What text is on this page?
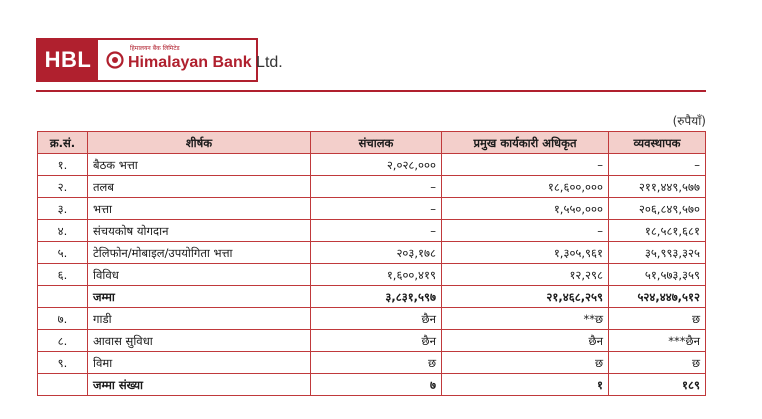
HBL	हिमालयन बैंक लिमिटेड
Himalayan Bank Ltd.
(रुपैयाँ)
क्र.सं.	शीर्षक	संचालक	प्रमुख कार्यकारी अधिकृत	व्यवस्थापक
१.	बैठक भत्ता	२,०२८,०००	–	–
२.	तलब	–	१८,६००,०००	२११,४४९,५७७
३.	भत्ता	–	१,५५०,०००	२०६,८४९,५७०
४.	संचयकोष योगदान	–	–	१८,५८१,६८१
५.	टेलिफोन/मोबाइल/उपयोगिता भत्ता	२०३,१७८	१,३०५,९६१	३५,९९३,३२५
६.	विविध	१,६००,४१९	१२,२९८	५१,५७३,३५९
	जम्मा	३,८३१,५९७	२१,४६८,२५९	५२४,४४७,५१२
७.	गाडी	छैन	**छ	छ
८.	आवास सुविधा	छैन	छैन	***छैन
९.	विमा	छ	छ	छ
	जम्मा संख्या	७	१	१८९
